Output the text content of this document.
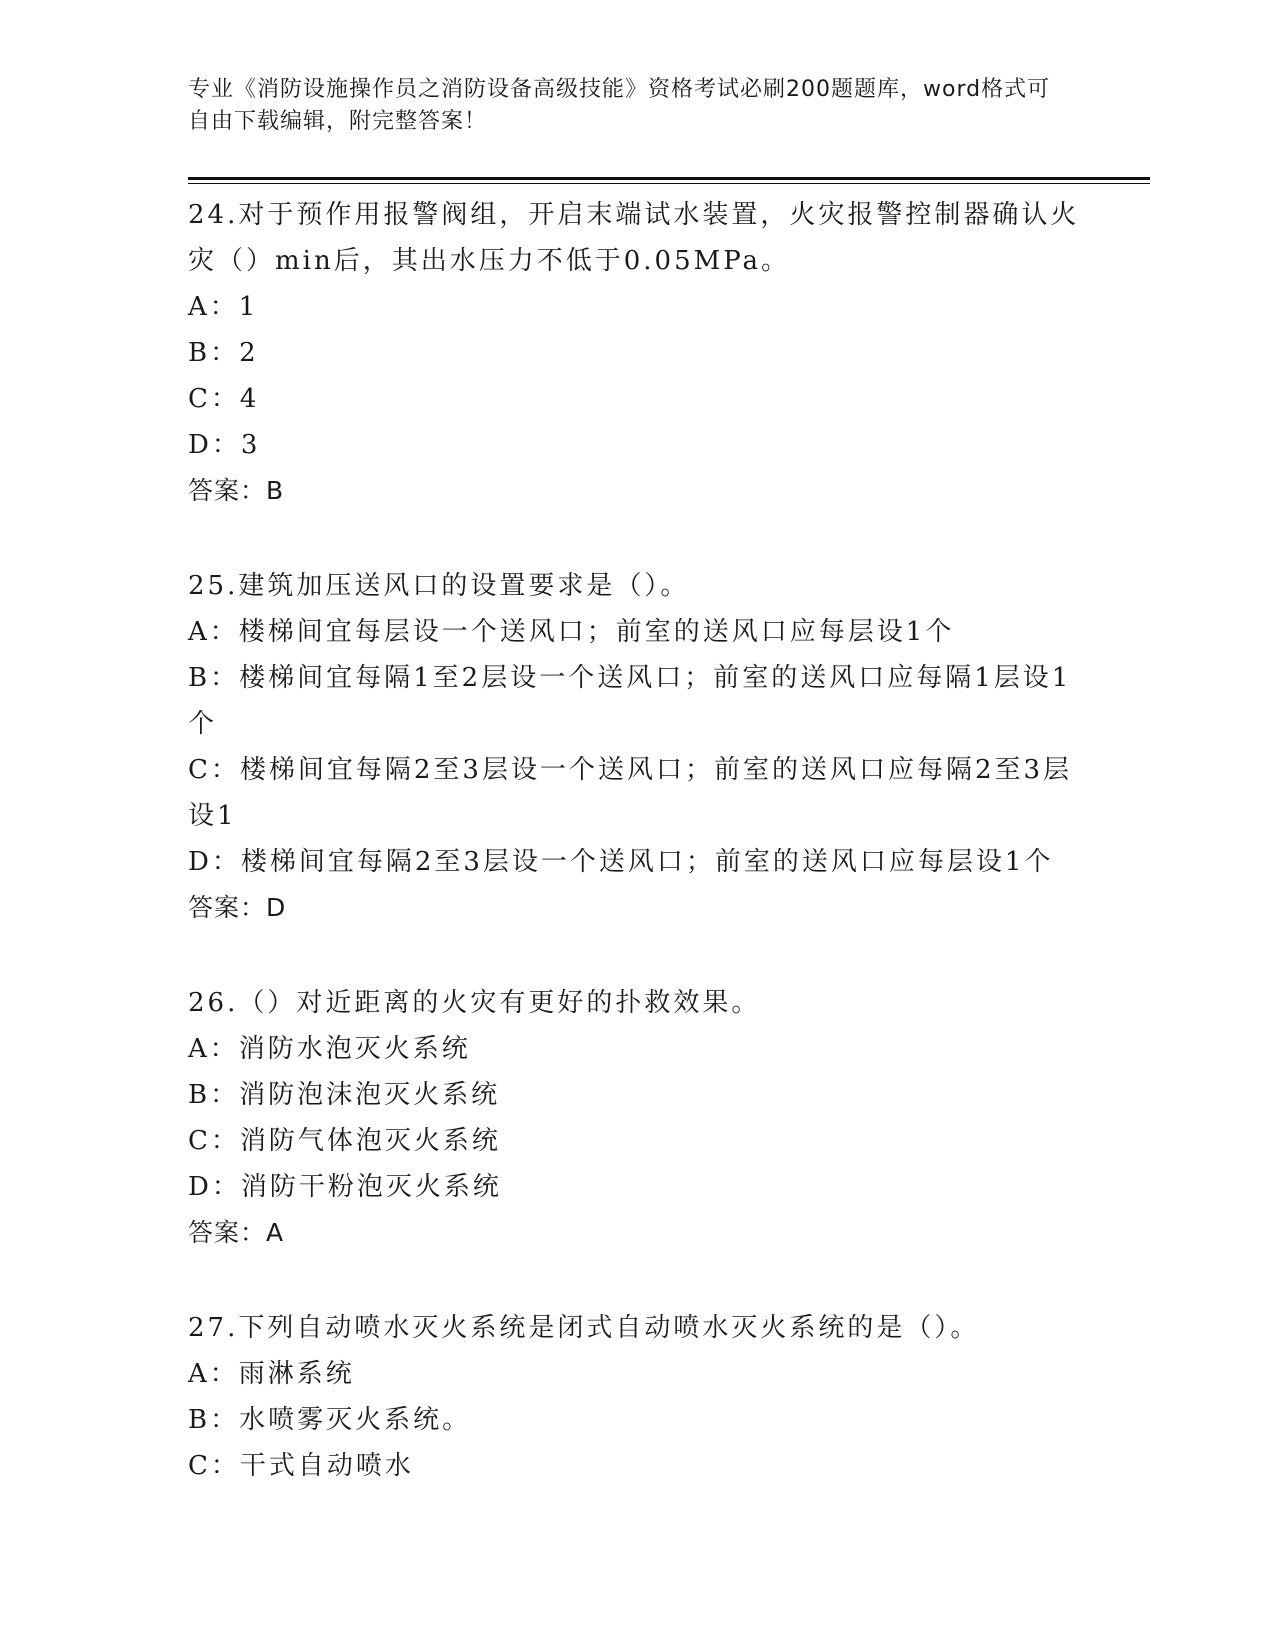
专业《消防设施操作员之消防设备高级技能》资格考试必刷200题题库，word格式可自由下载编辑，附完整答案！

24.对于预作用报警阀组，开启末端试水装置，火灾报警控制器确认火灾（）min后，其出水压力不低于0.05MPa。

A：1
B：2
C：4
D：3
答案：B

25.建筑加压送风口的设置要求是（）。

A：楼梯间宜每层设一个送风口；前室的送风口应每层设1个
B：楼梯间宜每隔1至2层设一个送风口；前室的送风口应每隔1层设1个
C：楼梯间宜每隔2至3层设一个送风口；前室的送风口应每隔2至3层设1
D：楼梯间宜每隔2至3层设一个送风口；前室的送风口应每层设1个
答案：D

26.（）对近距离的火灾有更好的扑救效果。

A：消防水泡灭火系统
B：消防泡沫泡灭火系统
C：消防气体泡灭火系统
D：消防干粉泡灭火系统
答案：A

27.下列自动喷水灭火系统是闭式自动喷水灭火系统的是（）。

A：雨淋系统
B：水喷雾灭火系统。
C：干式自动喷水
